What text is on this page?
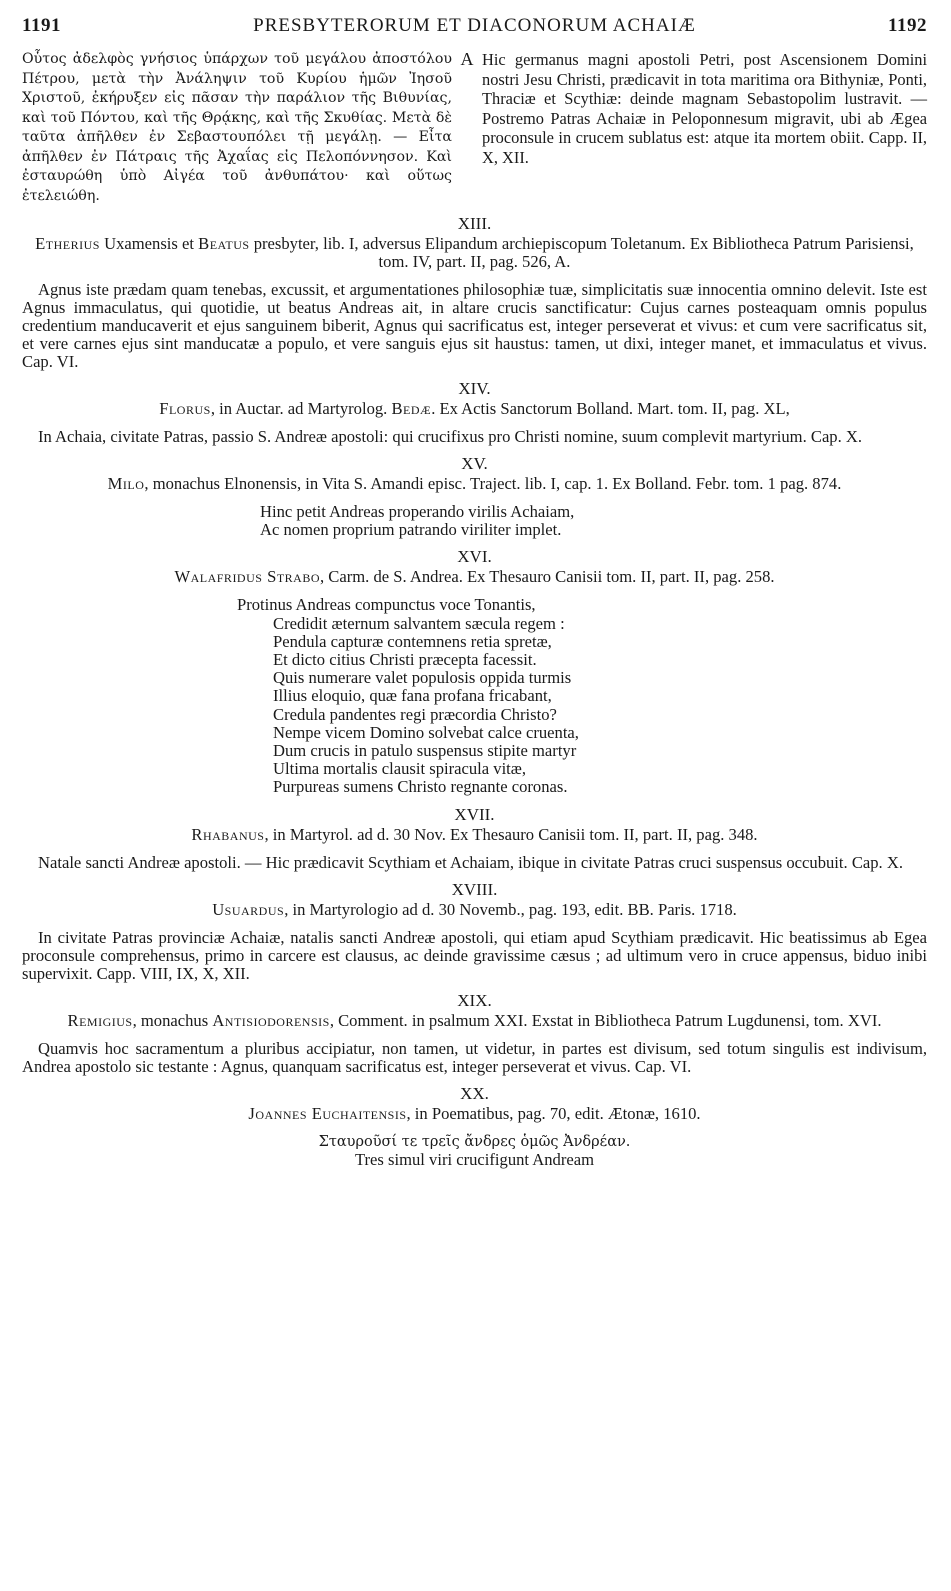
1191	PRESBYTERORUM ET DIACONORUM ACHAIÆ	1192
Οὗτος ἀδελφὸς γνήσιος ὑπάρχων τοῦ μεγάλου ἀποστόλου Πέτρου, μετὰ τὴν Ἀνάληψιν τοῦ Κυρίου ἡμῶν Ἰησοῦ Χριστοῦ, ἐκήρυξεν εἰς πᾶσαν τὴν παράλιον τῆς Βιθυνίας, καὶ τοῦ Πόντου, καὶ τῆς Θρᾴκης, καὶ τῆς Σκυθίας. Μετὰ δὲ ταῦτα ἀπῆλθεν ἐν Σεβαστουπόλει τῇ μεγάλῃ. — Εἶτα ἀπῆλθεν ἐν Πάτραις τῆς Ἀχαΐας εἰς Πελοπόννησον. Καὶ ἐσταυρώθη ὑπὸ Αἰγέα τοῦ ἀνθυπάτου· καὶ οὕτως ἐτελειώθη.
A Hic germanus magni apostoli Petri, post Ascensionem Domini nostri Jesu Christi, prædicavit in tota maritima ora Bithyniæ, Ponti, Thraciæ et Scythiæ: deinde magnam Sebastopolim lustravit. — Postremo Patras Achaiæ in Peloponnesum migravit, ubi ab Ægea proconsule in crucem sublatus est: atque ita mortem obiit. Capp. II, X, XII.
XIII.
Etherius Uxamensis et Beatus presbyter, lib. I, adversus Elipandum archiepiscopum Toletanum. Ex Bibliotheca Patrum Parisiensi, tom. IV, part. II, pag. 526, A.
Agnus iste prædam quam tenebas, excussit, et argumentationes philosophiæ tuæ, simplicitatis suæ innocentia omnino delevit. Iste est Agnus immaculatus, qui quotidie, ut beatus Andreas ait, in altare crucis sanctificatur: Cujus carnes posteaquam omnis populus credentium manducaverit et ejus sanguinem biberit, Agnus qui sacrificatus est, integer perseverat et vivus: et cum vere sacrificatus sit, et vere carnes ejus sint manducatæ a populo, et vere sanguis ejus sit haustus: tamen, ut dixi, integer manet, et immaculatus et vivus. Cap. VI.
XIV.
Florus, in Auctar. ad Martyrolog. Bedæ. Ex Actis Sanctorum Bolland. Mart. tom. II, pag. XL,
In Achaia, civitate Patras, passio S. Andreæ apostoli: qui crucifixus pro Christi nomine, suum complevit martyrium. Cap. X.
XV.
Milo, monachus Elnonensis, in Vita S. Amandi episc. Traject. lib. I, cap. 1. Ex Bolland. Febr. tom. 1 pag. 874.
Hinc petit Andreas properando virilis Achaiam,
Ac nomen proprium patrando viriliter implet.
XVI.
Walafridus Strabo, Carm. de S. Andrea. Ex Thesauro Canisii tom. II, part. II, pag. 258.
Protinus Andreas compunctus voce Tonantis,
Credidit æternum salvantem sæcula regem :
Pendula capturæ contemnens retia spretæ,
Et dicto citius Christi præcepta facessit.
Quis numerare valet populosis oppida turmis
Illius eloquio, quæ fana profana fricabant,
Credula pandentes regi præcordia Christo?
Nempe vicem Domino solvebat calce cruenta,
Dum crucis in patulo suspensus stipite martyr
Ultima mortalis clausit spiracula vitæ,
Purpureas sumens Christo regnante coronas.
XVII.
Rhabanus, in Martyrol. ad d. 30 Nov. Ex Thesauro Canisii tom. II, part. II, pag. 348.
Natale sancti Andreæ apostoli. — Hic prædicavit Scythiam et Achaiam, ibique in civitate Patras cruci suspensus occubuit. Cap. X.
XVIII.
Usuardus, in Martyrologio ad d. 30 Novemb., pag. 193, edit. BB. Paris. 1718.
In civitate Patras provinciæ Achaiæ, natalis sancti Andreæ apostoli, qui etiam apud Scythiam prædicavit. Hic beatissimus ab Egea proconsule comprehensus, primo in carcere est clausus, ac deinde gravissime cæsus ; ad ultimum vero in cruce appensus, biduo inibi supervixit. Capp. VIII, IX, X, XII.
XIX.
Remigius, monachus Antisiodorensis, Comment. in psalmum XXI. Exstat in Bibliotheca Patrum Lugdunensi, tom. XVI.
Quamvis hoc sacramentum a pluribus accipiatur, non tamen, ut videtur, in partes est divisum, sed totum singulis est indivisum, Andrea apostolo sic testante : Agnus, quanquam sacrificatus est, integer perseverat et vivus. Cap. VI.
XX.
Joannes Euchaitensis, in Poematibus, pag. 70, edit. Ætonæ, 1610.
Σταυροῦσί τε τρεῖς ἄνδρες ὁμῶς Ἀνδρέαν.
Tres simul viri crucifigunt Andream
